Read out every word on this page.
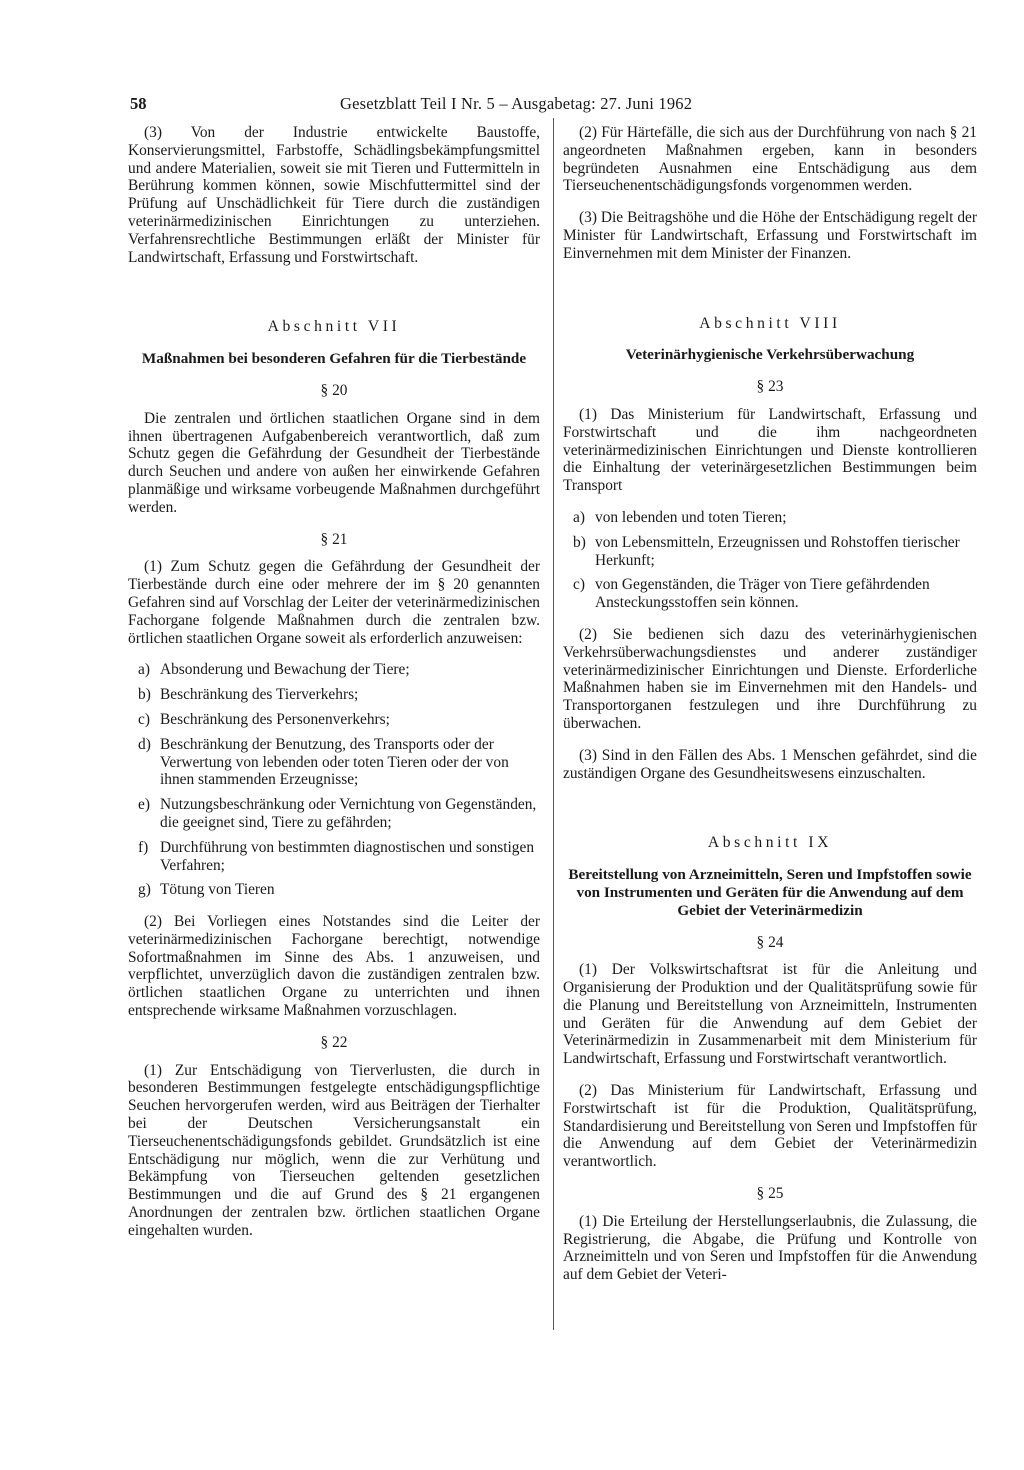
58	Gesetzblatt Teil I Nr. 5 – Ausgabetag: 27. Juni 1962

(3) Von der Industrie entwickelte Baustoffe, Konservierungsmittel, Farbstoffe, Schädlingsbekämpfungsmittel und andere Materialien, soweit sie mit Tieren und Futtermitteln in Berührung kommen können, sowie Mischfuttermittel sind der Prüfung auf Unschädlichkeit für Tiere durch die zuständigen veterinärmedizinischen Einrichtungen zu unterziehen. Verfahrensrechtliche Bestimmungen erläßt der Minister für Landwirtschaft, Erfassung und Forstwirtschaft.

Abschnitt VII
Maßnahmen bei besonderen Gefahren für die Tierbestände
§ 20

Die zentralen und örtlichen staatlichen Organe sind in dem ihnen übertragenen Aufgabenbereich verantwortlich, daß zum Schutz gegen die Gefährdung der Gesundheit der Tierbestände durch Seuchen und andere von außen her einwirkende Gefahren planmäßige und wirksame vorbeugende Maßnahmen durchgeführt werden.

§ 21

(1) Zum Schutz gegen die Gefährdung der Gesundheit der Tierbestände durch eine oder mehrere der im § 20 genannten Gefahren sind auf Vorschlag der Leiter der veterinärmedizinischen Fachorgane folgende Maßnahmen durch die zentralen bzw. örtlichen staatlichen Organe soweit als erforderlich anzuweisen:

a) Absonderung und Bewachung der Tiere;
b) Beschränkung des Tierverkehrs;
c) Beschränkung des Personenverkehrs;
d) Beschränkung der Benutzung, des Transports oder der Verwertung von lebenden oder toten Tieren oder der von ihnen stammenden Erzeugnisse;
e) Nutzungsbeschränkung oder Vernichtung von Gegenständen, die geeignet sind, Tiere zu gefährden;
f) Durchführung von bestimmten diagnostischen und sonstigen Verfahren;
g) Tötung von Tieren

(2) Bei Vorliegen eines Notstandes sind die Leiter der veterinärmedizinischen Fachorgane berechtigt, notwendige Sofortmaßnahmen im Sinne des Abs. 1 anzuweisen, und verpflichtet, unverzüglich davon die zuständigen zentralen bzw. örtlichen staatlichen Organe zu unterrichten und ihnen entsprechende wirksame Maßnahmen vorzuschlagen.

§ 22

(1) Zur Entschädigung von Tierverlusten, die durch in besonderen Bestimmungen festgelegte entschädigungspflichtige Seuchen hervorgerufen werden, wird aus Beiträgen der Tierhalter bei der Deutschen Versicherungsanstalt ein Tierseuchenentschädigungsfonds gebildet. Grundsätzlich ist eine Entschädigung nur möglich, wenn die zur Verhütung und Bekämpfung von Tierseuchen geltenden gesetzlichen Bestimmungen und die auf Grund des § 21 ergangenen Anordnungen der zentralen bzw. örtlichen staatlichen Organe eingehalten wurden.

(2) Für Härtefälle, die sich aus der Durchführung von nach § 21 angeordneten Maßnahmen ergeben, kann in besonders begründeten Ausnahmen eine Entschädigung aus dem Tierseuchenentschädigungsfonds vorgenommen werden.

(3) Die Beitragshöhe und die Höhe der Entschädigung regelt der Minister für Landwirtschaft, Erfassung und Forstwirtschaft im Einvernehmen mit dem Minister der Finanzen.

Abschnitt VIII
Veterinärhygienische Verkehrsüberwachung
§ 23

(1) Das Ministerium für Landwirtschaft, Erfassung und Forstwirtschaft und die ihm nachgeordneten veterinärmedizinischen Einrichtungen und Dienste kontrollieren die Einhaltung der veterinärgesetzlichen Bestimmungen beim Transport

a) von lebenden und toten Tieren;
b) von Lebensmitteln, Erzeugnissen und Rohstoffen tierischer Herkunft;
c) von Gegenständen, die Träger von Tiere gefährdenden Ansteckungsstoffen sein können.

(2) Sie bedienen sich dazu des veterinärhygienischen Verkehrsüberwachungsdienstes und anderer zuständiger veterinärmedizinischer Einrichtungen und Dienste. Erforderliche Maßnahmen haben sie im Einvernehmen mit den Handels- und Transportorganen festzulegen und ihre Durchführung zu überwachen.

(3) Sind in den Fällen des Abs. 1 Menschen gefährdet, sind die zuständigen Organe des Gesundheitswesens einzuschalten.

Abschnitt IX
Bereitstellung von Arzneimitteln, Seren und Impfstoffen sowie von Instrumenten und Geräten für die Anwendung auf dem Gebiet der Veterinärmedizin
§ 24

(1) Der Volkswirtschaftsrat ist für die Anleitung und Organisierung der Produktion und der Qualitätsprüfung sowie für die Planung und Bereitstellung von Arzneimitteln, Instrumenten und Geräten für die Anwendung auf dem Gebiet der Veterinärmedizin in Zusammenarbeit mit dem Ministerium für Landwirtschaft, Erfassung und Forstwirtschaft verantwortlich.

(2) Das Ministerium für Landwirtschaft, Erfassung und Forstwirtschaft ist für die Produktion, Qualitätsprüfung, Standardisierung und Bereitstellung von Seren und Impfstoffen für die Anwendung auf dem Gebiet der Veterinärmedizin verantwortlich.

§ 25

(1) Die Erteilung der Herstellungserlaubnis, die Zulassung, die Registrierung, die Abgabe, die Prüfung und Kontrolle von Arzneimitteln und von Seren und Impfstoffen für die Anwendung auf dem Gebiet der Veteri-
